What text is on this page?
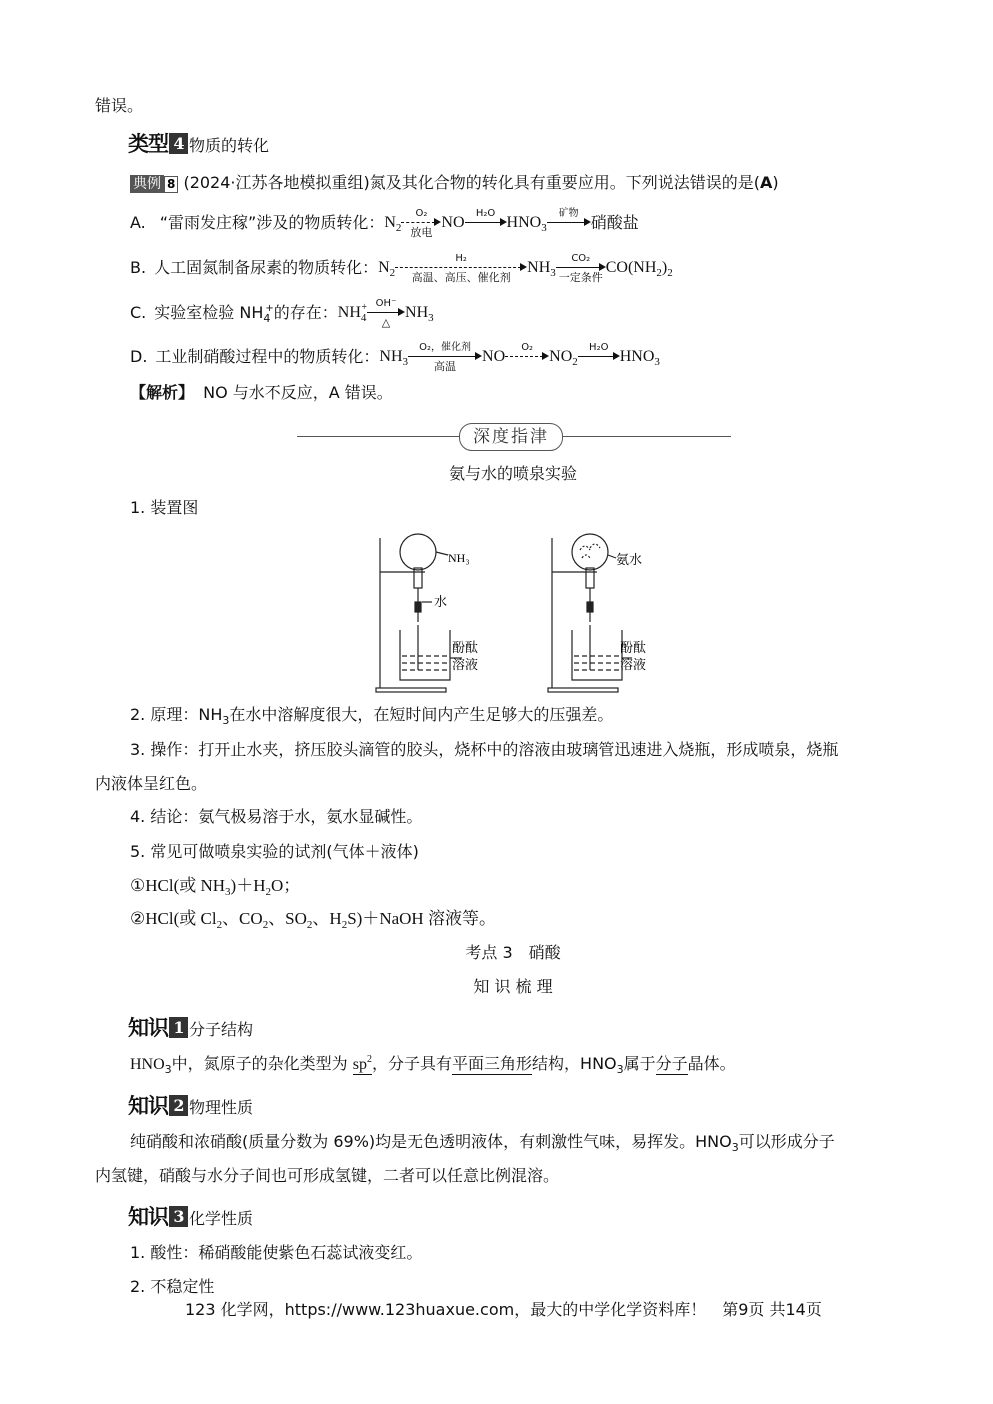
错误。
类型 4 物质的转化
典例 8 (2024·江苏各地模拟重组)氮及其化合物的转化具有重要应用。下列说法错误的是(A)
A. “雷雨发庄稼”涉及的物质转化： $N_2$
O₂
放电
NO
H₂O
$HNO_3$
矿物 硝酸盐
B. 人工固氮制备尿素的物质转化： $N_2$
H₂
高温、高压、催化剂
$NH_3$
CO₂
一定条件
$CO(NH_2)_2$
C. 实验室检验 $NH_4^+$的存在： $NH_4^+$ OH⁻
△
$NH_3$
D. 工业制硝酸过程中的物质转化： $NH_3$
O₂，催化剂
高温
NO
O₂
$NO_2$
H₂O
$HNO_3$
【解析】 NO 与水不反应，A 错误。
深度指津
氨与水的喷泉实验
1. 装置图
NH₃
水
酚酞
溶液
氨水
酚酞
溶液
2. 原理：$NH_3$在水中溶解度很大，在短时间内产生足够大的压强差。
3. 操作：打开止水夹，挤压胶头滴管的胶头，烧杯中的溶液由玻璃管迅速进入烧瓶，形成喷泉，烧瓶
内液体呈红色。
4. 结论：氨气极易溶于水，氨水显碱性。
5. 常见可做喷泉实验的试剂(气体＋液体)
①HCl(或 $NH_3)+H_2O$；
②HCl(或 $Cl_2$、$CO_2$、$SO_2$、$H_2S)+NaOH$ 溶液等。
考点 3　硝酸
知 识 梳 理
知识 1 分子结构
$HNO_3$中，氮原子的杂化类型为 $sp^2$，分子具有平面三角形结构，$HNO_3$属于分子晶体。
知识 2 物理性质
纯硝酸和浓硝酸(质量分数为 69%)均是无色透明液体，有刺激性气味，易挥发。$HNO_3$可以形成分子
内氢键，硝酸与水分子间也可形成氢键，二者可以任意比例混溶。
知识 3 化学性质
1. 酸性：稀硝酸能使紫色石蕊试液变红。
2. 不稳定性
123 化学网，https://www.123huaxue.com，最大的中学化学资料库！　第9页 共14页
